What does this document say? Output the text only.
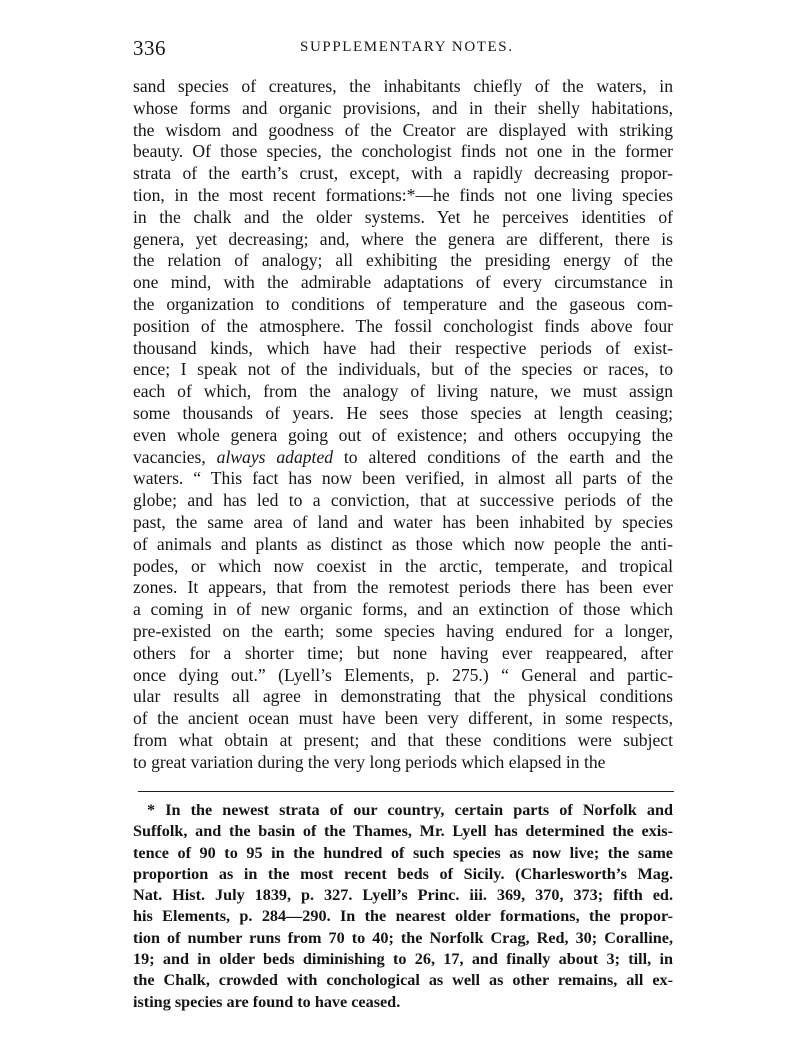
336	SUPPLEMENTARY NOTES.
sand species of creatures, the inhabitants chiefly of the waters, in
whose forms and organic provisions, and in their shelly habitations,
the wisdom and goodness of the Creator are displayed with striking
beauty. Of those species, the conchologist finds not one in the former
strata of the earth’s crust, except, with a rapidly decreasing propor-
tion, in the most recent formations:*—he finds not one living species
in the chalk and the older systems. Yet he perceives identities of
genera, yet decreasing; and, where the genera are different, there is
the relation of analogy; all exhibiting the presiding energy of the
one mind, with the admirable adaptations of every circumstance in
the organization to conditions of temperature and the gaseous com-
position of the atmosphere. The fossil conchologist finds above four
thousand kinds, which have had their respective periods of exist-
ence; I speak not of the individuals, but of the species or races, to
each of which, from the analogy of living nature, we must assign
some thousands of years. He sees those species at length ceasing;
even whole genera going out of existence; and others occupying the
vacancies, always adapted to altered conditions of the earth and the
waters. “ This fact has now been verified, in almost all parts of the
globe; and has led to a conviction, that at successive periods of the
past, the same area of land and water has been inhabited by species
of animals and plants as distinct as those which now people the anti-
podes, or which now coexist in the arctic, temperate, and tropical
zones. It appears, that from the remotest periods there has been ever
a coming in of new organic forms, and an extinction of those which
pre-existed on the earth; some species having endured for a longer,
others for a shorter time; but none having ever reappeared, after
once dying out.” (Lyell’s Elements, p. 275.) “ General and partic-
ular results all agree in demonstrating that the physical conditions
of the ancient ocean must have been very different, in some respects,
from what obtain at present; and that these conditions were subject
to great variation during the very long periods which elapsed in the
* In the newest strata of our country, certain parts of Norfolk and
Suffolk, and the basin of the Thames, Mr. Lyell has determined the exis-
tence of 90 to 95 in the hundred of such species as now live; the same
proportion as in the most recent beds of Sicily. (Charlesworth’s Mag.
Nat. Hist. July 1839, p. 327. Lyell’s Princ. iii. 369, 370, 373; fifth ed.
his Elements, p. 284—290. In the nearest older formations, the propor-
tion of number runs from 70 to 40; the Norfolk Crag, Red, 30; Coralline,
19; and in older beds diminishing to 26, 17, and finally about 3; till, in
the Chalk, crowded with conchological as well as other remains, all ex-
isting species are found to have ceased.
